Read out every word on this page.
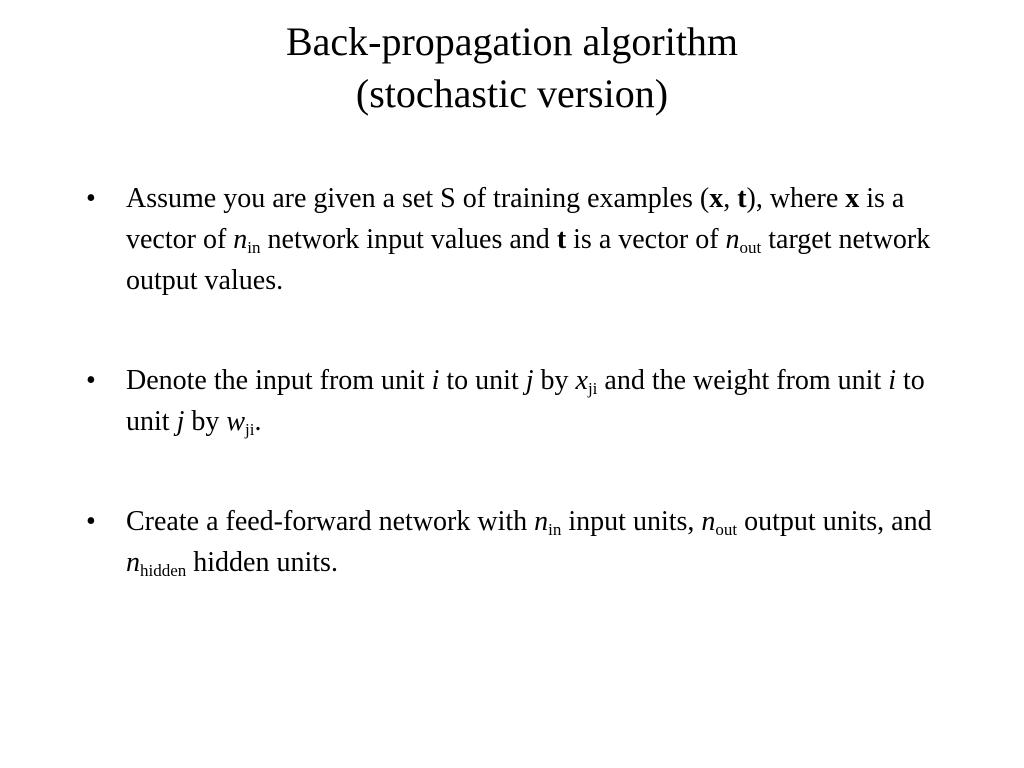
Back-propagation algorithm
(stochastic version)
•	Assume you are given a set S of training examples (x, t), where x is a vector of $n_{in}$ network input values and t is a vector of $n_{out}$ target network output values.
•	Denote the input from unit i to unit j by $x_{ji}$ and the weight from unit i to unit j by $w_{ji}$.
•	Create a feed-forward network with $n_{in}$ input units, $n_{out}$ output units, and $n_{hidden}$ hidden units.
